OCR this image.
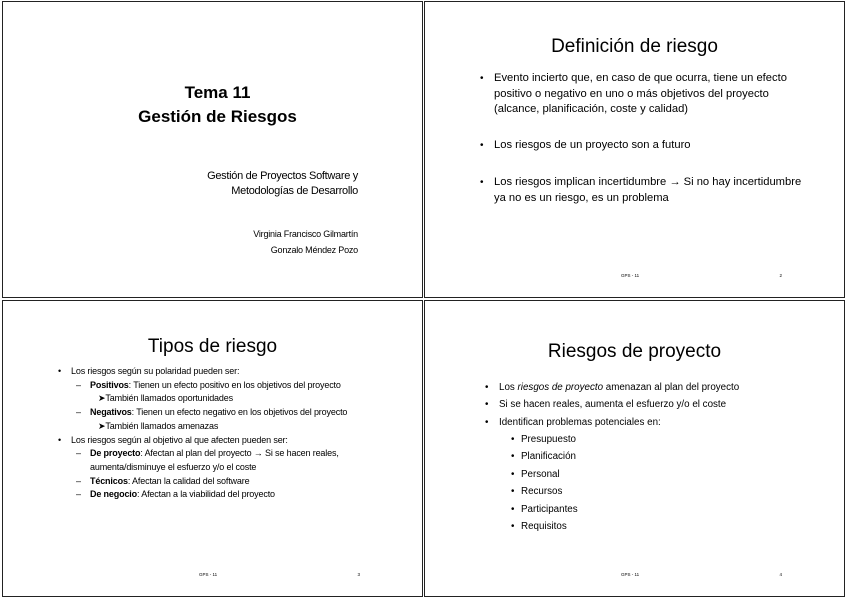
Tema 11
Gestión de Riesgos
Gestión de Proyectos Software y
Metodologías de Desarrollo
Virginia Francisco Gilmartín
Gonzalo Méndez Pozo
Definición de riesgo
• Evento incierto que, en caso de que ocurra, tiene un efecto positivo o negativo en uno o más objetivos del proyecto (alcance, planificación, coste y calidad)
• Los riesgos de un proyecto son a futuro
• Los riesgos implican incertidumbre → Si no hay incertidumbre ya no es un riesgo, es un problema
GPS - 11	2
Tipos de riesgo
• Los riesgos según su polaridad pueden ser:
– Positivos: Tienen un efecto positivo en los objetivos del proyecto
➤También llamados oportunidades
– Negativos: Tienen un efecto negativo en los objetivos del proyecto
➤También llamados amenazas
• Los riesgos según al objetivo al que afecten pueden ser:
– De proyecto: Afectan al plan del proyecto → Si se hacen reales, aumenta/disminuye el esfuerzo y/o el coste
– Técnicos: Afectan la calidad del software
– De negocio: Afectan a la viabilidad del proyecto
GPS - 11	3
Riesgos de proyecto
• Los riesgos de proyecto amenazan al plan del proyecto
• Si se hacen reales, aumenta el esfuerzo y/o el coste
• Identifican problemas potenciales en:
• Presupuesto
• Planificación
• Personal
• Recursos
• Participantes
• Requisitos
GPS - 11	4
